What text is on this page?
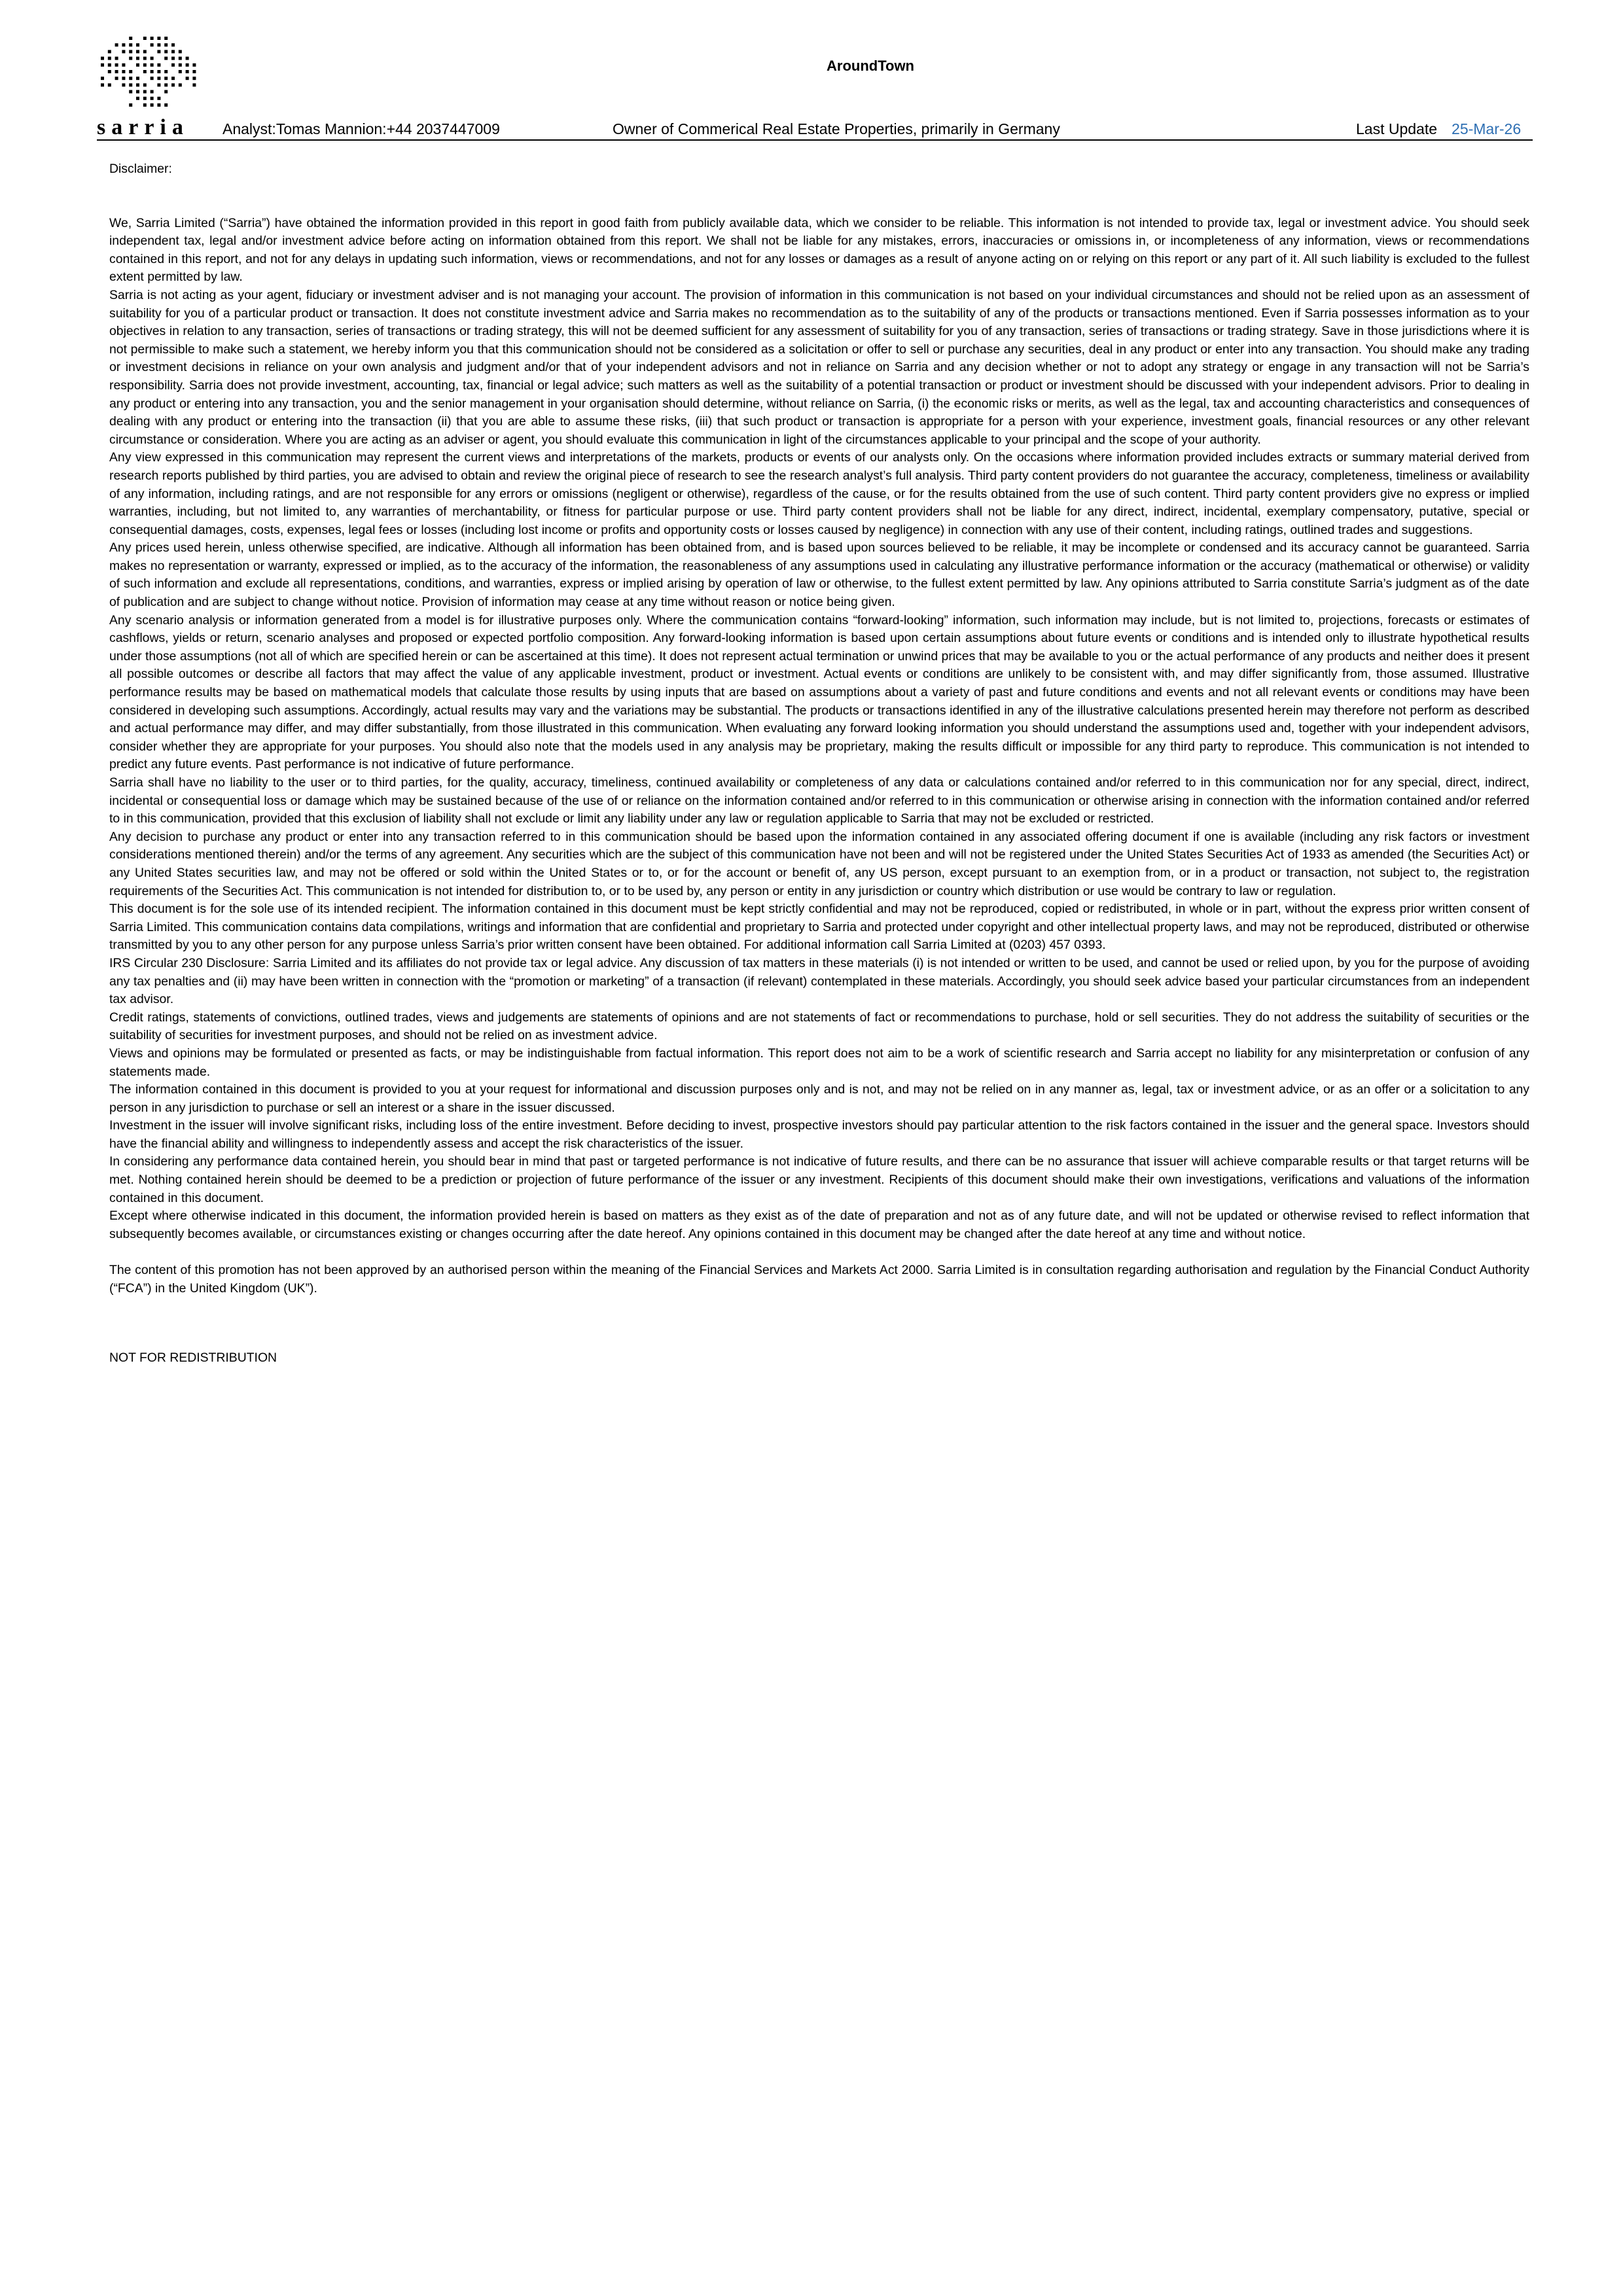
sarria
AroundTown
Analyst:Tomas Mannion:+44 2037447009	Owner of Commerical Real Estate Properties, primarily in Germany	Last Update 25-Mar-26
Disclaimer:

We, Sarria Limited (“Sarria”) have obtained the information provided in this report in good faith from publicly available data, which we consider to be reliable. This information is not intended to provide tax, legal or investment advice. You should seek independent tax, legal and/or investment advice before acting on information obtained from this report. We shall not be liable for any mistakes, errors, inaccuracies or omissions in, or incompleteness of any information, views or recommendations contained in this report, and not for any delays in updating such information, views or recommendations, and not for any losses or damages as a result of anyone acting on or relying on this report or any part of it. All such liability is excluded to the fullest extent permitted by law.

Sarria is not acting as your agent, fiduciary or investment adviser and is not managing your account. The provision of information in this communication is not based on your individual circumstances and should not be relied upon as an assessment of suitability for you of a particular product or transaction. It does not constitute investment advice and Sarria makes no recommendation as to the suitability of any of the products or transactions mentioned. Even if Sarria possesses information as to your objectives in relation to any transaction, series of transactions or trading strategy, this will not be deemed sufficient for any assessment of suitability for you of any transaction, series of transactions or trading strategy. Save in those jurisdictions where it is not permissible to make such a statement, we hereby inform you that this communication should not be considered as a solicitation or offer to sell or purchase any securities, deal in any product or enter into any transaction. You should make any trading or investment decisions in reliance on your own analysis and judgment and/or that of your independent advisors and not in reliance on Sarria and any decision whether or not to adopt any strategy or engage in any transaction will not be Sarria’s responsibility. Sarria does not provide investment, accounting, tax, financial or legal advice; such matters as well as the suitability of a potential transaction or product or investment should be discussed with your independent advisors. Prior to dealing in any product or entering into any transaction, you and the senior management in your organisation should determine, without reliance on Sarria, (i) the economic risks or merits, as well as the legal, tax and accounting characteristics and consequences of dealing with any product or entering into the transaction (ii) that you are able to assume these risks, (iii) that such product or transaction is appropriate for a person with your experience, investment goals, financial resources or any other relevant circumstance or consideration. Where you are acting as an adviser or agent, you should evaluate this communication in light of the circumstances applicable to your principal and the scope of your authority.

Any view expressed in this communication may represent the current views and interpretations of the markets, products or events of our analysts only. On the occasions where information provided includes extracts or summary material derived from research reports published by third parties, you are advised to obtain and review the original piece of research to see the research analyst’s full analysis. Third party content providers do not guarantee the accuracy, completeness, timeliness or availability of any information, including ratings, and are not responsible for any errors or omissions (negligent or otherwise), regardless of the cause, or for the results obtained from the use of such content. Third party content providers give no express or implied warranties, including, but not limited to, any warranties of merchantability, or fitness for particular purpose or use. Third party content providers shall not be liable for any direct, indirect, incidental, exemplary compensatory, putative, special or consequential damages, costs, expenses, legal fees or losses (including lost income or profits and opportunity costs or losses caused by negligence) in connection with any use of their content, including ratings, outlined trades and suggestions.

Any prices used herein, unless otherwise specified, are indicative. Although all information has been obtained from, and is based upon sources believed to be reliable, it may be incomplete or condensed and its accuracy cannot be guaranteed. Sarria makes no representation or warranty, expressed or implied, as to the accuracy of the information, the reasonableness of any assumptions used in calculating any illustrative performance information or the accuracy (mathematical or otherwise) or validity of such information and exclude all representations, conditions, and warranties, express or implied arising by operation of law or otherwise, to the fullest extent permitted by law. Any opinions attributed to Sarria constitute Sarria’s judgment as of the date of publication and are subject to change without notice. Provision of information may cease at any time without reason or notice being given.

Any scenario analysis or information generated from a model is for illustrative purposes only. Where the communication contains “forward-looking” information, such information may include, but is not limited to, projections, forecasts or estimates of cashflows, yields or return, scenario analyses and proposed or expected portfolio composition. Any forward-looking information is based upon certain assumptions about future events or conditions and is intended only to illustrate hypothetical results under those assumptions (not all of which are specified herein or can be ascertained at this time). It does not represent actual termination or unwind prices that may be available to you or the actual performance of any products and neither does it present all possible outcomes or describe all factors that may affect the value of any applicable investment, product or investment. Actual events or conditions are unlikely to be consistent with, and may differ significantly from, those assumed. Illustrative performance results may be based on mathematical models that calculate those results by using inputs that are based on assumptions about a variety of past and future conditions and events and not all relevant events or conditions may have been considered in developing such assumptions. Accordingly, actual results may vary and the variations may be substantial. The products or transactions identified in any of the illustrative calculations presented herein may therefore not perform as described and actual performance may differ, and may differ substantially, from those illustrated in this communication. When evaluating any forward looking information you should understand the assumptions used and, together with your independent advisors, consider whether they are appropriate for your purposes. You should also note that the models used in any analysis may be proprietary, making the results difficult or impossible for any third party to reproduce. This communication is not intended to predict any future events. Past performance is not indicative of future performance.

Sarria shall have no liability to the user or to third parties, for the quality, accuracy, timeliness, continued availability or completeness of any data or calculations contained and/or referred to in this communication nor for any special, direct, indirect, incidental or consequential loss or damage which may be sustained because of the use of or reliance on the information contained and/or referred to in this communication or otherwise arising in connection with the information contained and/or referred to in this communication, provided that this exclusion of liability shall not exclude or limit any liability under any law or regulation applicable to Sarria that may not be excluded or restricted.

Any decision to purchase any product or enter into any transaction referred to in this communication should be based upon the information contained in any associated offering document if one is available (including any risk factors or investment considerations mentioned therein) and/or the terms of any agreement. Any securities which are the subject of this communication have not been and will not be registered under the United States Securities Act of 1933 as amended (the Securities Act) or any United States securities law, and may not be offered or sold within the United States or to, or for the account or benefit of, any US person, except pursuant to an exemption from, or in a product or transaction, not subject to, the registration requirements of the Securities Act. This communication is not intended for distribution to, or to be used by, any person or entity in any jurisdiction or country which distribution or use would be contrary to law or regulation.

This document is for the sole use of its intended recipient. The information contained in this document must be kept strictly confidential and may not be reproduced, copied or redistributed, in whole or in part, without the express prior written consent of Sarria Limited. This communication contains data compilations, writings and information that are confidential and proprietary to Sarria and protected under copyright and other intellectual property laws, and may not be reproduced, distributed or otherwise transmitted by you to any other person for any purpose unless Sarria’s prior written consent have been obtained. For additional information call Sarria Limited at (0203) 457 0393.

IRS Circular 230 Disclosure: Sarria Limited and its affiliates do not provide tax or legal advice. Any discussion of tax matters in these materials (i) is not intended or written to be used, and cannot be used or relied upon, by you for the purpose of avoiding any tax penalties and (ii) may have been written in connection with the “promotion or marketing” of a transaction (if relevant) contemplated in these materials. Accordingly, you should seek advice based your particular circumstances from an independent tax advisor.

Credit ratings, statements of convictions, outlined trades, views and judgements are statements of opinions and are not statements of fact or recommendations to purchase, hold or sell securities. They do not address the suitability of securities or the suitability of securities for investment purposes, and should not be relied on as investment advice.

Views and opinions may be formulated or presented as facts, or may be indistinguishable from factual information. This report does not aim to be a work of scientific research and Sarria accept no liability for any misinterpretation or confusion of any statements made.

The information contained in this document is provided to you at your request for informational and discussion purposes only and is not, and may not be relied on in any manner as, legal, tax or investment advice, or as an offer or a solicitation to any person in any jurisdiction to purchase or sell an interest or a share in the issuer discussed.

Investment in the issuer will involve significant risks, including loss of the entire investment. Before deciding to invest, prospective investors should pay particular attention to the risk factors contained in the issuer and the general space. Investors should have the financial ability and willingness to independently assess and accept the risk characteristics of the issuer.

In considering any performance data contained herein, you should bear in mind that past or targeted performance is not indicative of future results, and there can be no assurance that issuer will achieve comparable results or that target returns will be met. Nothing contained herein should be deemed to be a prediction or projection of future performance of the issuer or any investment. Recipients of this document should make their own investigations, verifications and valuations of the information contained in this document.

Except where otherwise indicated in this document, the information provided herein is based on matters as they exist as of the date of preparation and not as of any future date, and will not be updated or otherwise revised to reflect information that subsequently becomes available, or circumstances existing or changes occurring after the date hereof. Any opinions contained in this document may be changed after the date hereof at any time and without notice.

The content of this promotion has not been approved by an authorised person within the meaning of the Financial Services and Markets Act 2000. Sarria Limited is in consultation regarding authorisation and regulation by the Financial Conduct Authority (“FCA”) in the United Kingdom (UK”).

NOT FOR REDISTRIBUTION
